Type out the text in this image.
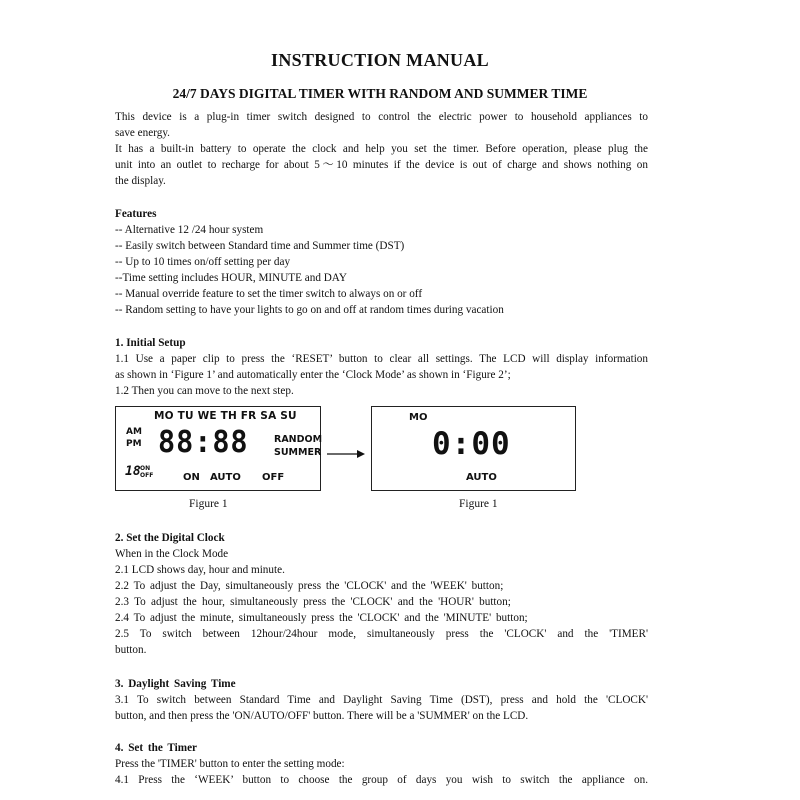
INSTRUCTION MANUAL
24/7 DAYS DIGITAL TIMER WITH RANDOM AND SUMMER TIME
This device is a plug-in timer switch designed to control the electric power to household appliances to
save energy.
It has a built-in battery to operate the clock and help you set the timer. Before operation, please plug the
unit into an outlet to recharge for about 5～10 minutes if the device is out of charge and shows nothing on
the display.
Features
-- Alternative 12 /24 hour system
-- Easily switch between Standard time and Summer time (DST)
-- Up to 10 times on/off setting per day
--Time setting includes HOUR, MINUTE and DAY
-- Manual override feature to set the timer switch to always on or off
-- Random setting to have your lights to go on and off at random times during vacation
1. Initial Setup
1.1 Use a paper clip to press the ‘RESET’ button to clear all settings. The LCD will display information
as shown in ‘Figure 1’ and automatically enter the ‘Clock Mode’ as shown in ‘Figure 2’;
1.2 Then you can move to the next step.
MO TU WE TH FR SA SU
AM
PM 88:88	RANDOM
SUMMER
18 ON
OFF	ON AUTO OFF
Figure 1
MO
0:00
AUTO
Figure 1
2. Set the Digital Clock
When in the Clock Mode
2.1 LCD shows day, hour and minute.
2.2 To adjust the Day, simultaneously press the 'CLOCK' and the 'WEEK' button;
2.3 To adjust the hour, simultaneously press the 'CLOCK' and the 'HOUR' button;
2.4 To adjust the minute, simultaneously press the 'CLOCK' and the 'MINUTE' button;
2.5 To switch between 12hour/24hour mode, simultaneously press the 'CLOCK' and the 'TIMER'
button.
3. Daylight Saving Time
3.1 To switch between Standard Time and Daylight Saving Time (DST), press and hold the 'CLOCK'
button, and then press the 'ON/AUTO/OFF' button. There will be a 'SUMMER' on the LCD.
4. Set the Timer
Press the 'TIMER' button to enter the setting mode:
4.1 Press the ‘WEEK’ button to choose the group of days you wish to switch the appliance on.
